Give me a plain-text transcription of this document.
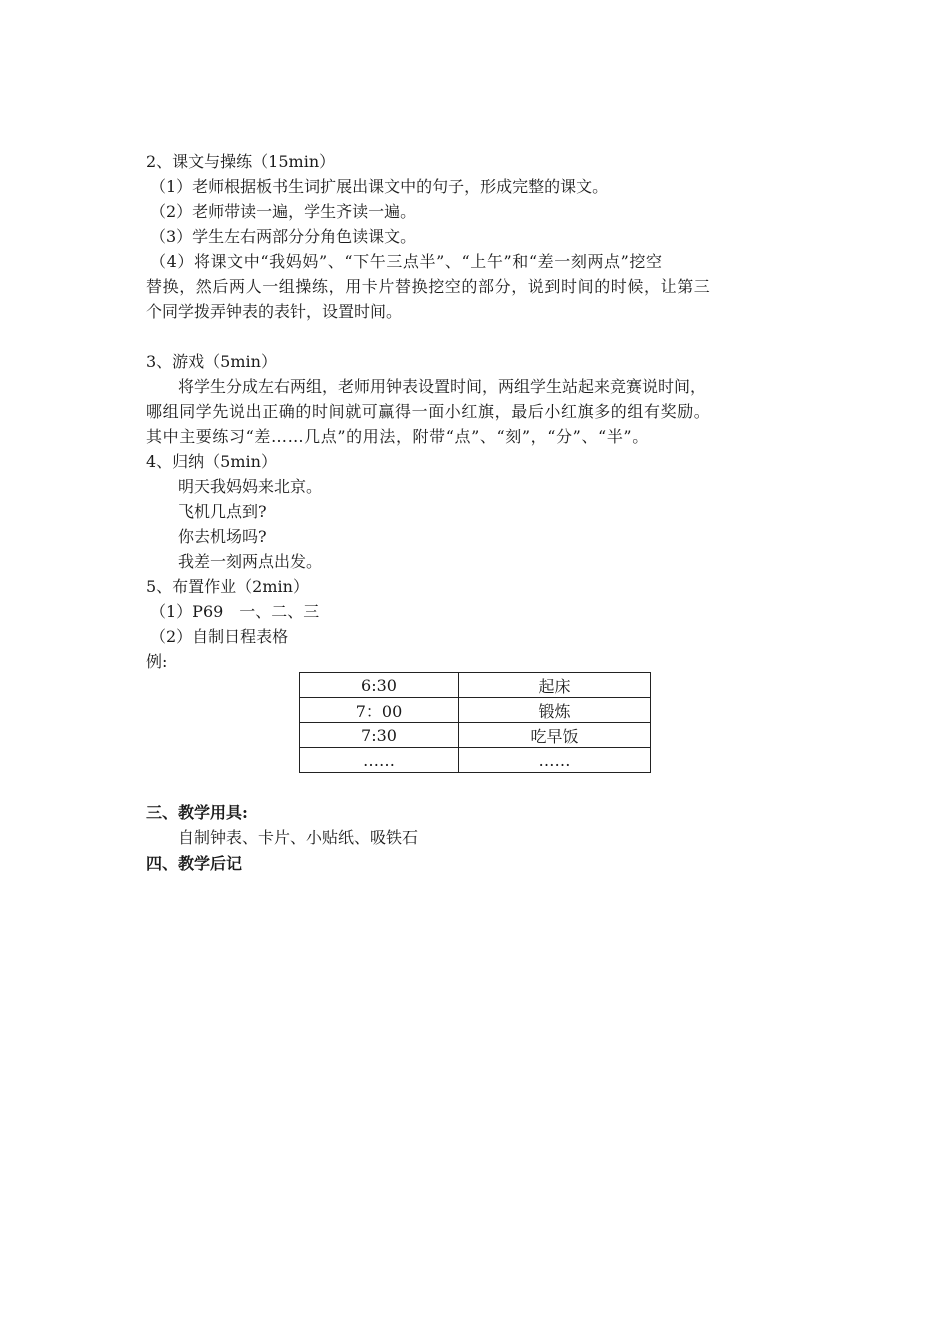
2、课文与操练（15min）
（1）老师根据板书生词扩展出课文中的句子，形成完整的课文。
（2）老师带读一遍，学生齐读一遍。
（3）学生左右两部分分角色读课文。
（4）将课文中“我妈妈”、“下午三点半”、“上午”和“差一刻两点”挖空
替换，然后两人一组操练，用卡片替换挖空的部分，说到时间的时候，让第三
个同学拨弄钟表的表针，设置时间。
3、游戏（5min）
将学生分成左右两组，老师用钟表设置时间，两组学生站起来竞赛说时间，
哪组同学先说出正确的时间就可赢得一面小红旗，最后小红旗多的组有奖励。
其中主要练习“差……几点”的用法，附带“点”、“刻”，“分”、“半”。
4、归纳（5min）
明天我妈妈来北京。
飞机几点到?
你去机场吗?
我差一刻两点出发。
5、布置作业（2min）
（1）P69　一、二、三
（2）自制日程表格
例:
6:30	起床
7：00	锻炼
7:30	吃早饭
……	……
三、教学用具:
自制钟表、卡片、小贴纸、吸铁石
四、教学后记
